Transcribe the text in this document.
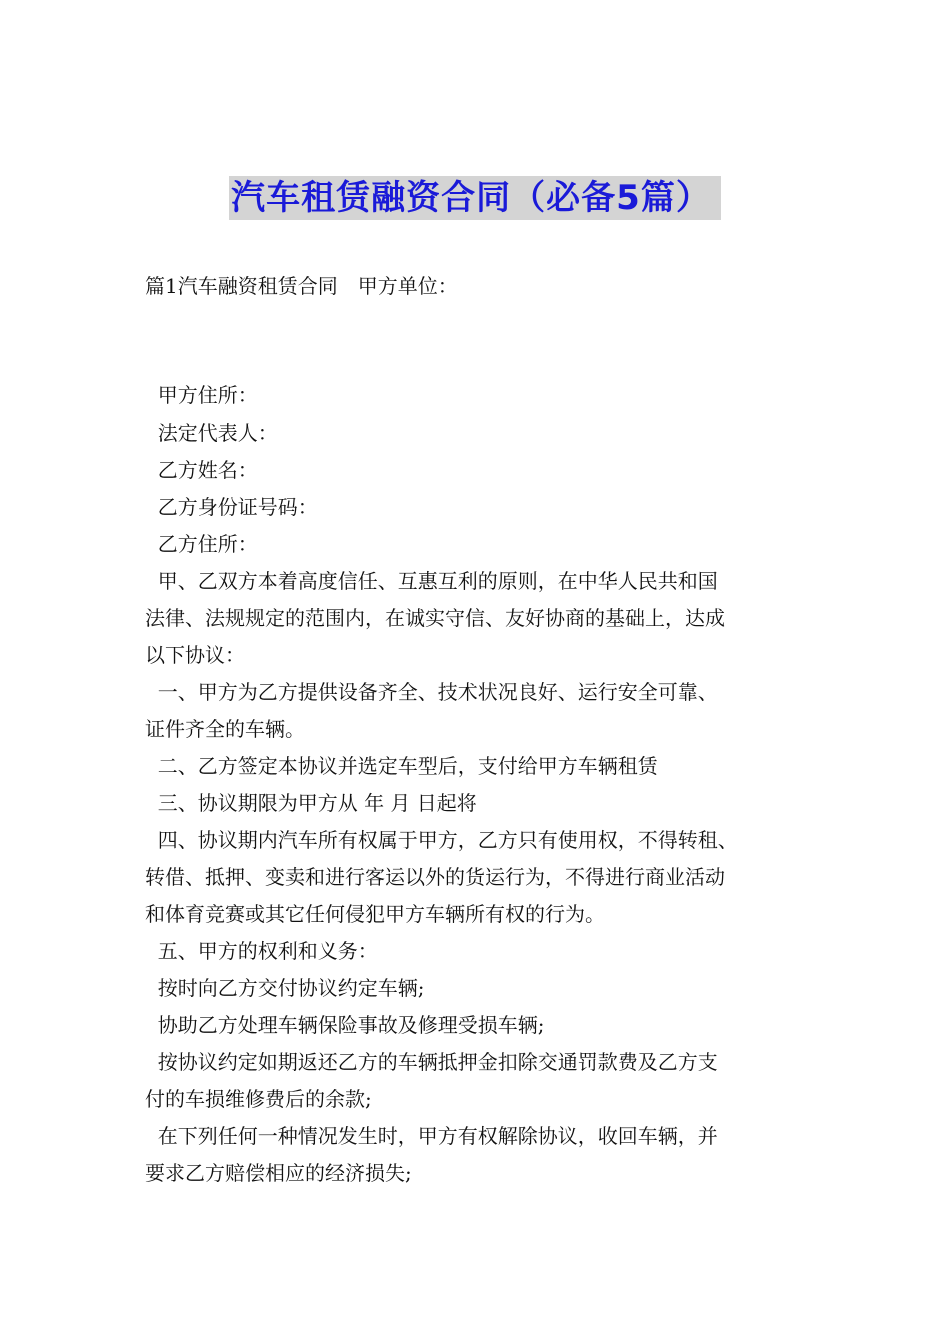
汽车租赁融资合同（必备5篇）
篇1汽车融资租赁合同　甲方单位：
甲方住所：
法定代表人：
乙方姓名：
乙方身份证号码：
乙方住所：
甲、乙双方本着高度信任、互惠互利的原则，在中华人民共和国
法律、法规规定的范围内，在诚实守信、友好协商的基础上，达成
以下协议：
一、甲方为乙方提供设备齐全、技术状况良好、运行安全可靠、
证件齐全的车辆。
二、乙方签定本协议并选定车型后，支付给甲方车辆租赁
三、协议期限为甲方从 年 月 日起将
四、协议期内汽车所有权属于甲方，乙方只有使用权，不得转租、
转借、抵押、变卖和进行客运以外的货运行为，不得进行商业活动
和体育竞赛或其它任何侵犯甲方车辆所有权的行为。
五、甲方的权利和义务：
按时向乙方交付协议约定车辆;
协助乙方处理车辆保险事故及修理受损车辆;
按协议约定如期返还乙方的车辆抵押金扣除交通罚款费及乙方支
付的车损维修费后的余款;
在下列任何一种情况发生时，甲方有权解除协议，收回车辆，并
要求乙方赔偿相应的经济损失;
